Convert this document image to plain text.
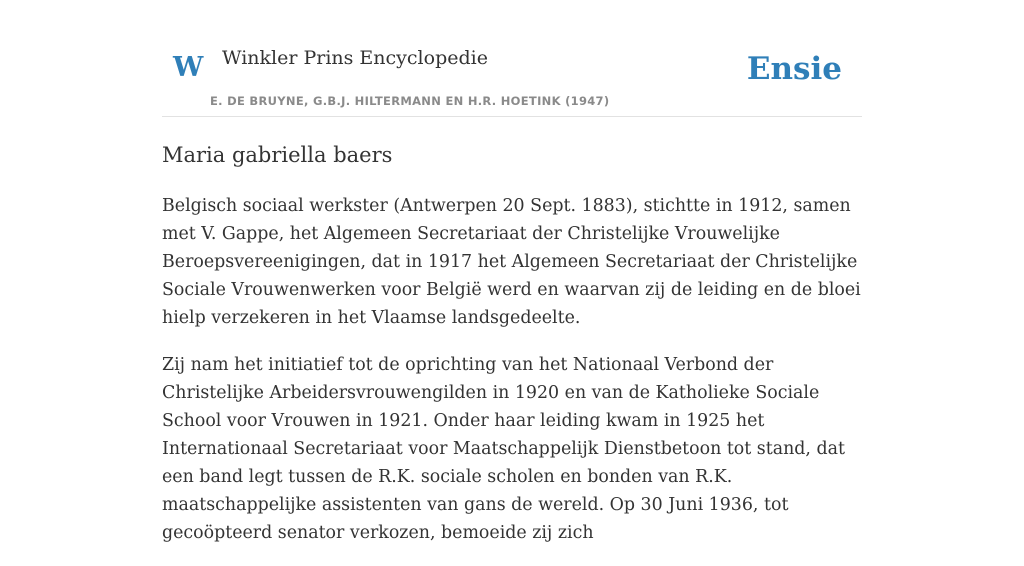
W Winkler Prins Encyclopedie
E. DE BRUYNE, G.B.J. HILTERMANN EN H.R. HOETINK (1947)
Ensie
Maria gabriella baers

Belgisch sociaal werkster (Antwerpen 20 Sept. 1883), stichtte in 1912, samen met V. Gappe, het Algemeen Secretariaat der Christelijke Vrouwelijke Beroepsvereenigingen, dat in 1917 het Algemeen Secretariaat der Christelijke Sociale Vrouwenwerken voor België werd en waarvan zij de leiding en de bloei hielp verzekeren in het Vlaamse landsgedeelte.

Zij nam het initiatief tot de oprichting van het Nationaal Verbond der Christelijke Arbeidersvrouwengilden in 1920 en van de Katholieke Sociale School voor Vrouwen in 1921. Onder haar leiding kwam in 1925 het Internationaal Secretariaat voor Maatschappelijk Dienstbetoon tot stand, dat een band legt tussen de R.K. sociale scholen en bonden van R.K. maatschappelijke assistenten van gans de wereld. Op 30 Juni 1936, tot gecoöpteerd senator verkozen, bemoeide zij zich
